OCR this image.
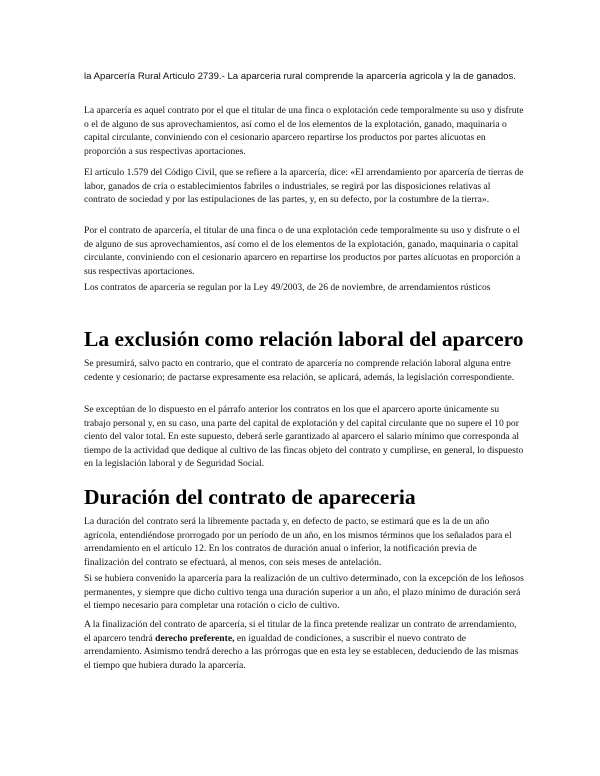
la Aparcería Rural Articulo 2739.- La aparceria rural comprende la aparcería agricola y la de ganados.

La aparcería es aquel contrato por el que el titular de una finca o explotación cede temporalmente su uso y disfrute o el de alguno de sus aprovechamientos, así como el de los elementos de la explotación, ganado, maquinaria o capital circulante, conviniendo con el cesionario aparcero repartirse los productos por partes alícuotas en proporción a sus respectivas aportaciones.

El artículo 1.579 del Código Civil, que se refiere a la aparcería, dice: «El arrendamiento por aparcería de tierras de labor, ganados de cría o establecimientos fabriles o industriales, se regirá por las disposiciones relativas al contrato de sociedad y por las estipulaciones de las partes, y, en su defecto, por la costumbre de la tierra».

Por el contrato de aparcería, el titular de una finca o de una explotación cede temporalmente su uso y disfrute o el de alguno de sus aprovechamientos, así como el de los elementos de la explotación, ganado, maquinaria o capital circulante, conviniendo con el cesionario aparcero en repartirse los productos por partes alícuotas en proporción a sus respectivas aportaciones.

Los contratos de aparcería se regulan por la Ley 49/2003, de 26 de noviembre, de arrendamientos rústicos

La exclusión como relación laboral del aparcero

Se presumirá, salvo pacto en contrario, que el contrato de aparcería no comprende relación laboral alguna entre cedente y cesionario; de pactarse expresamente esa relación, se aplicará, además, la legislación correspondiente.

Se exceptúan de lo dispuesto en el párrafo anterior los contratos en los que el aparcero aporte únicamente su trabajo personal y, en su caso, una parte del capital de explotación y del capital circulante que no supere el 10 por ciento del valor total. En este supuesto, deberá serle garantizado al aparcero el salario mínimo que corresponda al tiempo de la actividad que dedique al cultivo de las fincas objeto del contrato y cumplirse, en general, lo dispuesto en la legislación laboral y de Seguridad Social.

Duración del contrato de apareceria

La duración del contrato será la libremente pactada y, en defecto de pacto, se estimará que es la de un año agrícola, entendiéndose prorrogado por un período de un año, en los mismos términos que los señalados para el arrendamiento en el artículo 12. En los contratos de duración anual o inferior, la notificación previa de finalización del contrato se efectuará, al menos, con seis meses de antelación.

Si se hubiera convenido la aparcería para la realización de un cultivo determinado, con la excepción de los leñosos permanentes, y siempre que dicho cultivo tenga una duración superior a un año, el plazo mínimo de duración será el tiempo necesario para completar una rotación o ciclo de cultivo.

A la finalización del contrato de aparcería, si el titular de la finca pretende realizar un contrato de arrendamiento, el aparcero tendrá derecho preferente, en igualdad de condiciones, a suscribir el nuevo contrato de arrendamiento. Asimismo tendrá derecho a las prórrogas que en esta ley se establecen, deduciendo de las mismas el tiempo que hubiera durado la aparcería.
